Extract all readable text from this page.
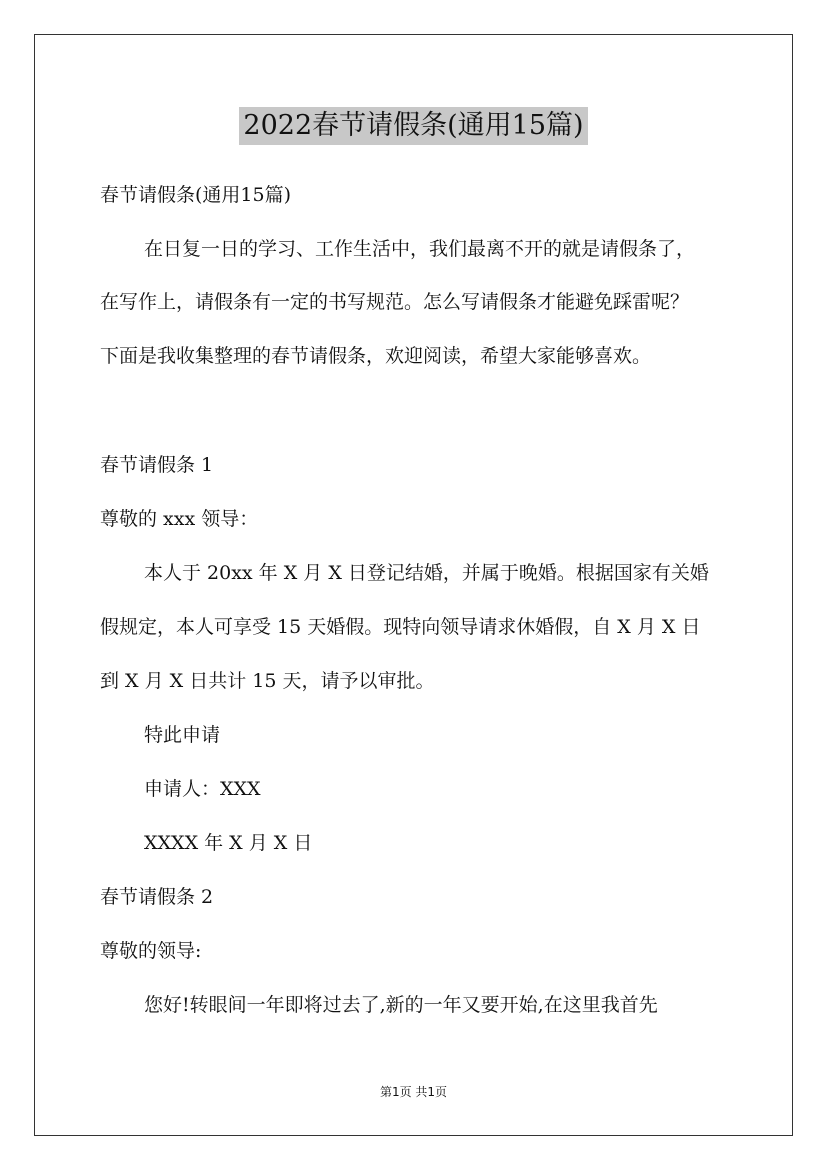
2022春节请假条(通用15篇)

春节请假条(通用15篇)

在日复一日的学习、工作生活中，我们最离不开的就是请假条了，

在写作上，请假条有一定的书写规范。怎么写请假条才能避免踩雷呢？

下面是我收集整理的春节请假条，欢迎阅读，希望大家能够喜欢。

春节请假条 1

尊敬的 xxx 领导：

本人于 20xx 年 X 月 X 日登记结婚，并属于晚婚。根据国家有关婚

假规定，本人可享受 15 天婚假。现特向领导请求休婚假，自 X 月 X 日

到 X 月 X 日共计 15 天，请予以审批。

特此申请

申请人：XXX

XXXX 年 X 月 X 日

春节请假条 2

尊敬的领导:

您好!转眼间一年即将过去了,新的一年又要开始,在这里我首先

第1页 共1页
